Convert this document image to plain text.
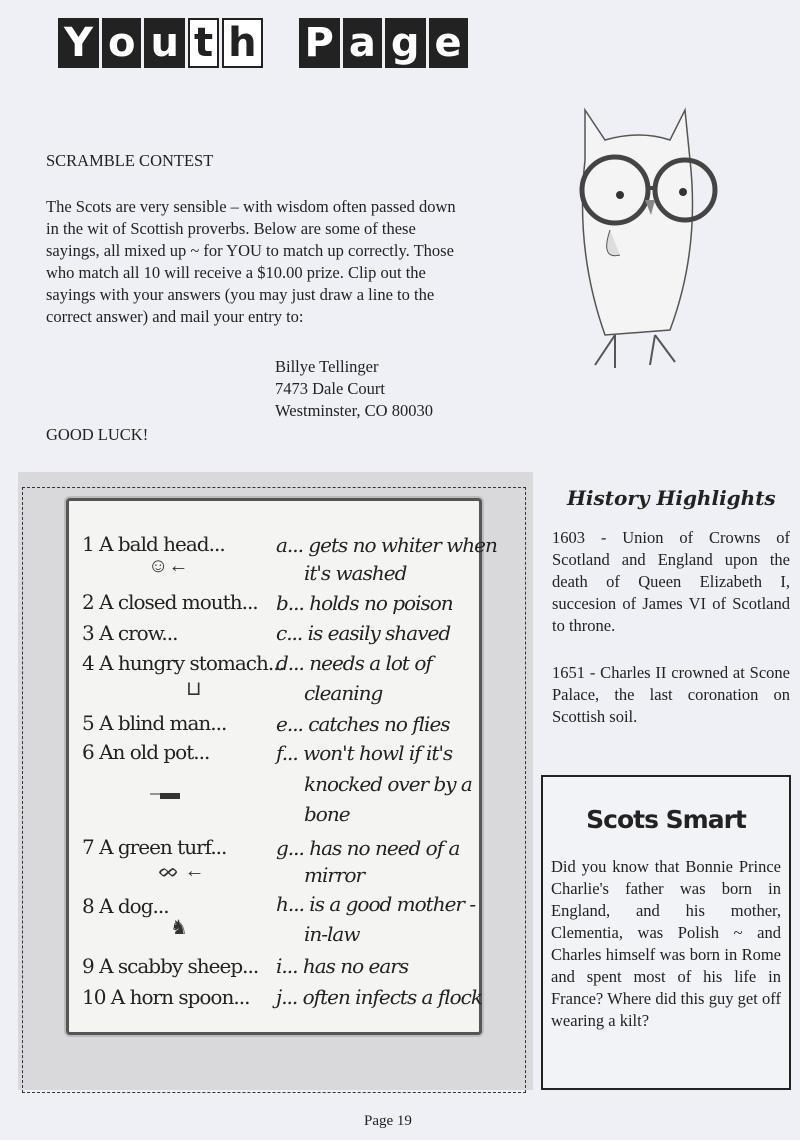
Y o u t h P a g e
SCRAMBLE CONTEST
The Scots are very sensible – with wisdom often passed down in the wit of Scottish proverbs. Below are some of these sayings, all mixed up ~ for YOU to match up correctly. Those who match all 10 will receive a $10.00 prize. Clip out the sayings with your answers (you may just draw a line to the correct answer) and mail your entry to:
Billye Tellinger
7473 Dale Court
Westminster, CO 80030
GOOD LUCK!
1 A bald head...
☺←
2 A closed mouth...
3 A crow...
4 A hungry stomach...
⊔
5 A blind man...
6 An old pot...
⎯▬
7 A green turf...
ᨖ ←
8 A dog...
♞
9 A scabby sheep...
10 A horn spoon...
a... gets no whiter when
it's washed
b... holds no poison
c... is easily shaved
d... needs a lot of
cleaning
e... catches no flies
f... won't howl if it's
knocked over by a
bone
g... has no need of a
mirror
h... is a good mother -
in-law
i... has no ears
j... often infects a flock
History Highlights
1603 - Union of Crowns of Scotland and England upon the death of Queen Elizabeth I, succesion of James VI of Scotland to throne.
1651 - Charles II crowned at Scone Palace, the last coronation on Scottish soil.
Scots Smart
Did you know that Bonnie Prince Charlie's father was born in England, and his mother, Clementia, was Polish ~ and Charles himself was born in Rome and spent most of his life in France? Where did this guy get off wearing a kilt?
Page 19
